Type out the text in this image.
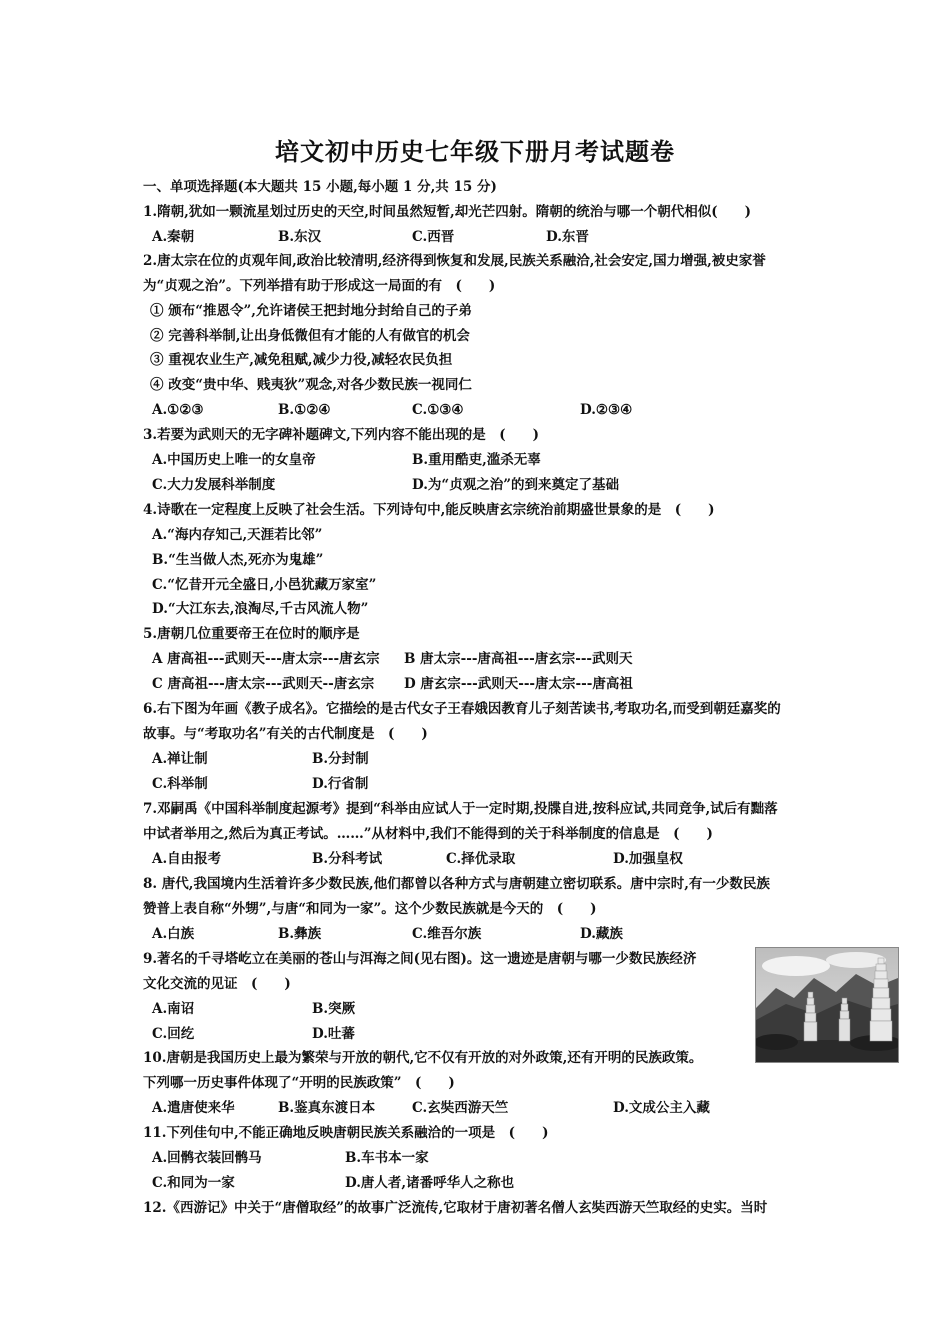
培文初中历史七年级下册月考试题卷
一、单项选择题(本大题共 15 小题,每小题 1 分,共 15 分)
1.隋朝,犹如一颗流星划过历史的天空,时间虽然短暂,却光芒四射。隋朝的统治与哪一个朝代相似(　　)
A.秦朝	B.东汉	C.西晋	D.东晋
2.唐太宗在位的贞观年间,政治比较清明,经济得到恢复和发展,民族关系融洽,社会安定,国力增强,被史家誉
为“贞观之治”。下列举措有助于形成这一局面的有　(　　)
① 颁布“推恩令”,允许诸侯王把封地分封给自己的子弟
② 完善科举制,让出身低微但有才能的人有做官的机会
③ 重视农业生产,减免租赋,减少力役,减轻农民负担
④ 改变“贵中华、贱夷狄”观念,对各少数民族一视同仁
A.①②③	B.①②④	C.①③④	D.②③④
3.若要为武则天的无字碑补题碑文,下列内容不能出现的是　(　　)
A.中国历史上唯一的女皇帝	B.重用酷吏,滥杀无辜
C.大力发展科举制度	D.为“贞观之治”的到来奠定了基础
4.诗歌在一定程度上反映了社会生活。下列诗句中,能反映唐玄宗统治前期盛世景象的是　(　　)
A.“海内存知己,天涯若比邻”
B.“生当做人杰,死亦为鬼雄”
C.“忆昔开元全盛日,小邑犹藏万家室”
D.“大江东去,浪淘尽,千古风流人物”
5.唐朝几位重要帝王在位时的顺序是
A 唐高祖---武则天---唐太宗---唐玄宗 B 唐太宗---唐高祖---唐玄宗---武则天
C 唐高祖---唐太宗---武则天--唐玄宗 D 唐玄宗---武则天---唐太宗---唐高祖
6.右下图为年画《教子成名》。它描绘的是古代女子王春娥因教育儿子刻苦读书,考取功名,而受到朝廷嘉奖的
故事。与“考取功名”有关的古代制度是　(　　)
A.禅让制	B.分封制
C.科举制	D.行省制
7.邓嗣禹《中国科举制度起源考》提到“科举由应试人于一定时期,投牒自进,按科应试,共同竞争,试后有黜落
中试者举用之,然后为真正考试。……”从材料中,我们不能得到的关于科举制度的信息是　(　　)
A.自由报考	B.分科考试	C.择优录取	D.加强皇权
8. 唐代,我国境内生活着许多少数民族,他们都曾以各种方式与唐朝建立密切联系。唐中宗时,有一少数民族
赞普上表自称“外甥”,与唐“和同为一家”。这个少数民族就是今天的　(　　)
A.白族	B.彝族	C.维吾尔族	D.藏族
9.著名的千寻塔屹立在美丽的苍山与洱海之间(见右图)。这一遗迹是唐朝与哪一少数民族经济
文化交流的见证　(　　)
A.南诏	B.突厥
C.回纥	D.吐蕃
10.唐朝是我国历史上最为繁荣与开放的朝代,它不仅有开放的对外政策,还有开明的民族政策。
下列哪一历史事件体现了“开明的民族政策”　(　　)
A.遣唐使来华	B.鉴真东渡日本	C.玄奘西游天竺	D.文成公主入藏
11.下列佳句中,不能正确地反映唐朝民族关系融洽的一项是　(　　)
A.回鹘衣装回鹘马	B.车书本一家
C.和同为一家	D.唐人者,诸番呼华人之称也
12.《西游记》中关于“唐僧取经”的故事广泛流传,它取材于唐初著名僧人玄奘西游天竺取经的史实。当时
